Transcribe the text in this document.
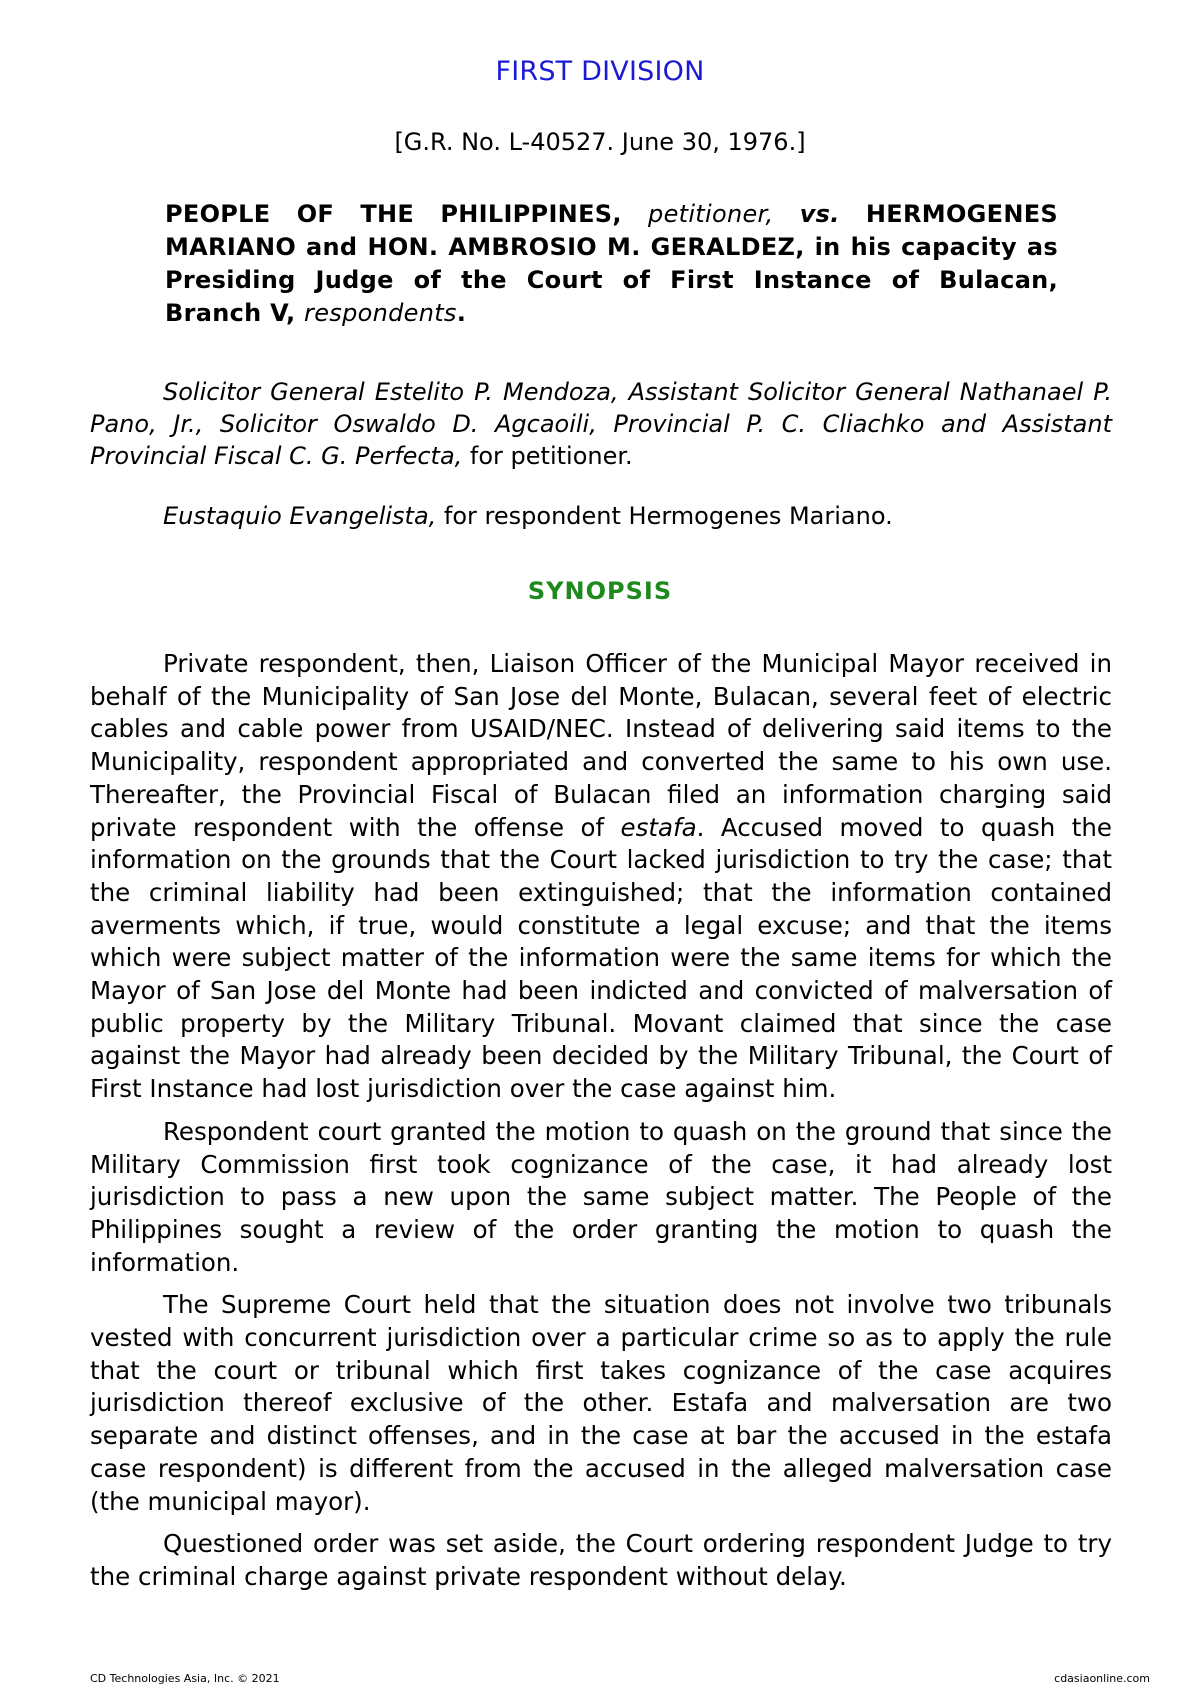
FIRST DIVISION
[G.R. No. L-40527. June 30, 1976.]
PEOPLE OF THE PHILIPPINES, petitioner, vs. HERMOGENES MARIANO and HON. AMBROSIO M. GERALDEZ, in his capacity as Presiding Judge of the Court of First Instance of Bulacan, Branch V, respondents.
Solicitor General Estelito P. Mendoza, Assistant Solicitor General Nathanael P. Pano, Jr., Solicitor Oswaldo D. Agcaoili, Provincial P. C. Cliachko and Assistant Provincial Fiscal C. G. Perfecta, for petitioner.
Eustaquio Evangelista, for respondent Hermogenes Mariano.
SYNOPSIS

Private respondent, then, Liaison Officer of the Municipal Mayor received in behalf of the Municipality of San Jose del Monte, Bulacan, several feet of electric cables and cable power from USAID/NEC. Instead of delivering said items to the Municipality, respondent appropriated and converted the same to his own use. Thereafter, the Provincial Fiscal of Bulacan filed an information charging said private respondent with the offense of estafa. Accused moved to quash the information on the grounds that the Court lacked jurisdiction to try the case; that the criminal liability had been extinguished; that the information contained averments which, if true, would constitute a legal excuse; and that the items which were subject matter of the information were the same items for which the Mayor of San Jose del Monte had been indicted and convicted of malversation of public property by the Military Tribunal. Movant claimed that since the case against the Mayor had already been decided by the Military Tribunal, the Court of First Instance had lost jurisdiction over the case against him.

Respondent court granted the motion to quash on the ground that since the Military Commission first took cognizance of the case, it had already lost jurisdiction to pass a new upon the same subject matter. The People of the Philippines sought a review of the order granting the motion to quash the information.

The Supreme Court held that the situation does not involve two tribunals vested with concurrent jurisdiction over a particular crime so as to apply the rule that the court or tribunal which first takes cognizance of the case acquires jurisdiction thereof exclusive of the other. Estafa and malversation are two separate and distinct offenses, and in the case at bar the accused in the estafa case respondent) is different from the accused in the alleged malversation case (the municipal mayor).

Questioned order was set aside, the Court ordering respondent Judge to try the criminal charge against private respondent without delay.

CD Technologies Asia, Inc. © 2021	cdasiaonline.com
